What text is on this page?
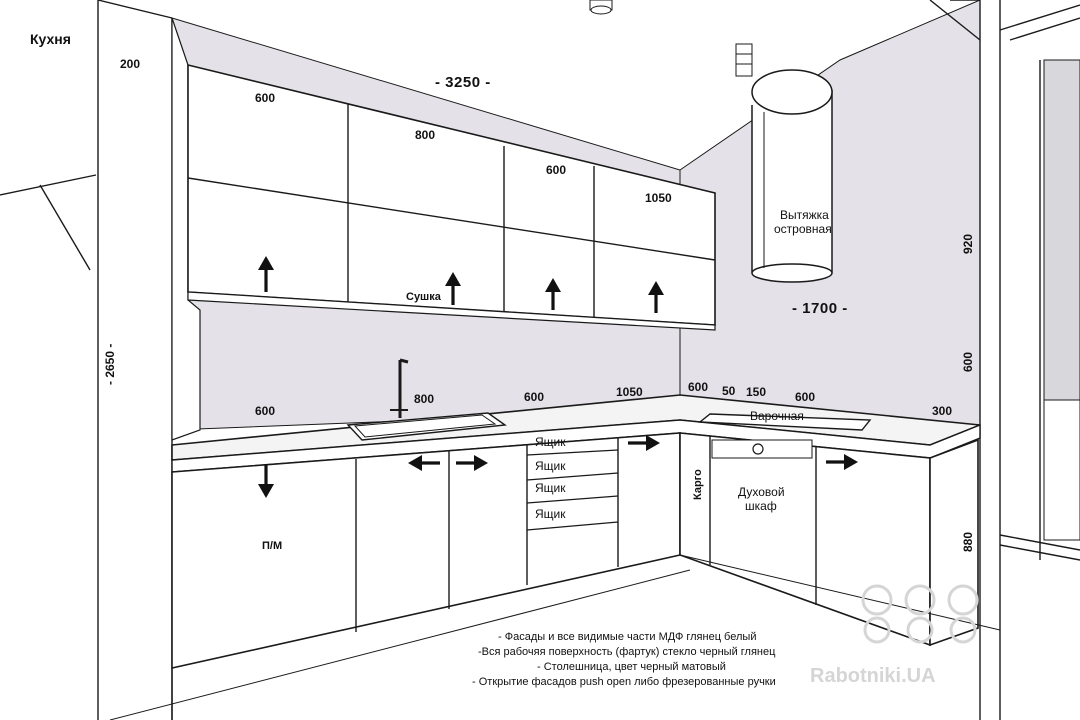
Кухня
200
- 3250 -
- 2650 -
- 1700 -
600
800
600
1050
600
800	600	1050	600 50 150 600
300
920
600
880
Вытяжка
островная
Сушка
Варочная
Ящик
Ящик
Ящик
Ящик
П/М
Карго	Духовой
шкаф
- Фасады и все видимые части МДФ глянец белый
-Вся рабочяя поверхность (фартук) стекло черный глянец
- Столешница, цвет черный матовый
- Открытие фасадов push open либо фрезерованные ручки Rabotniki.UA
